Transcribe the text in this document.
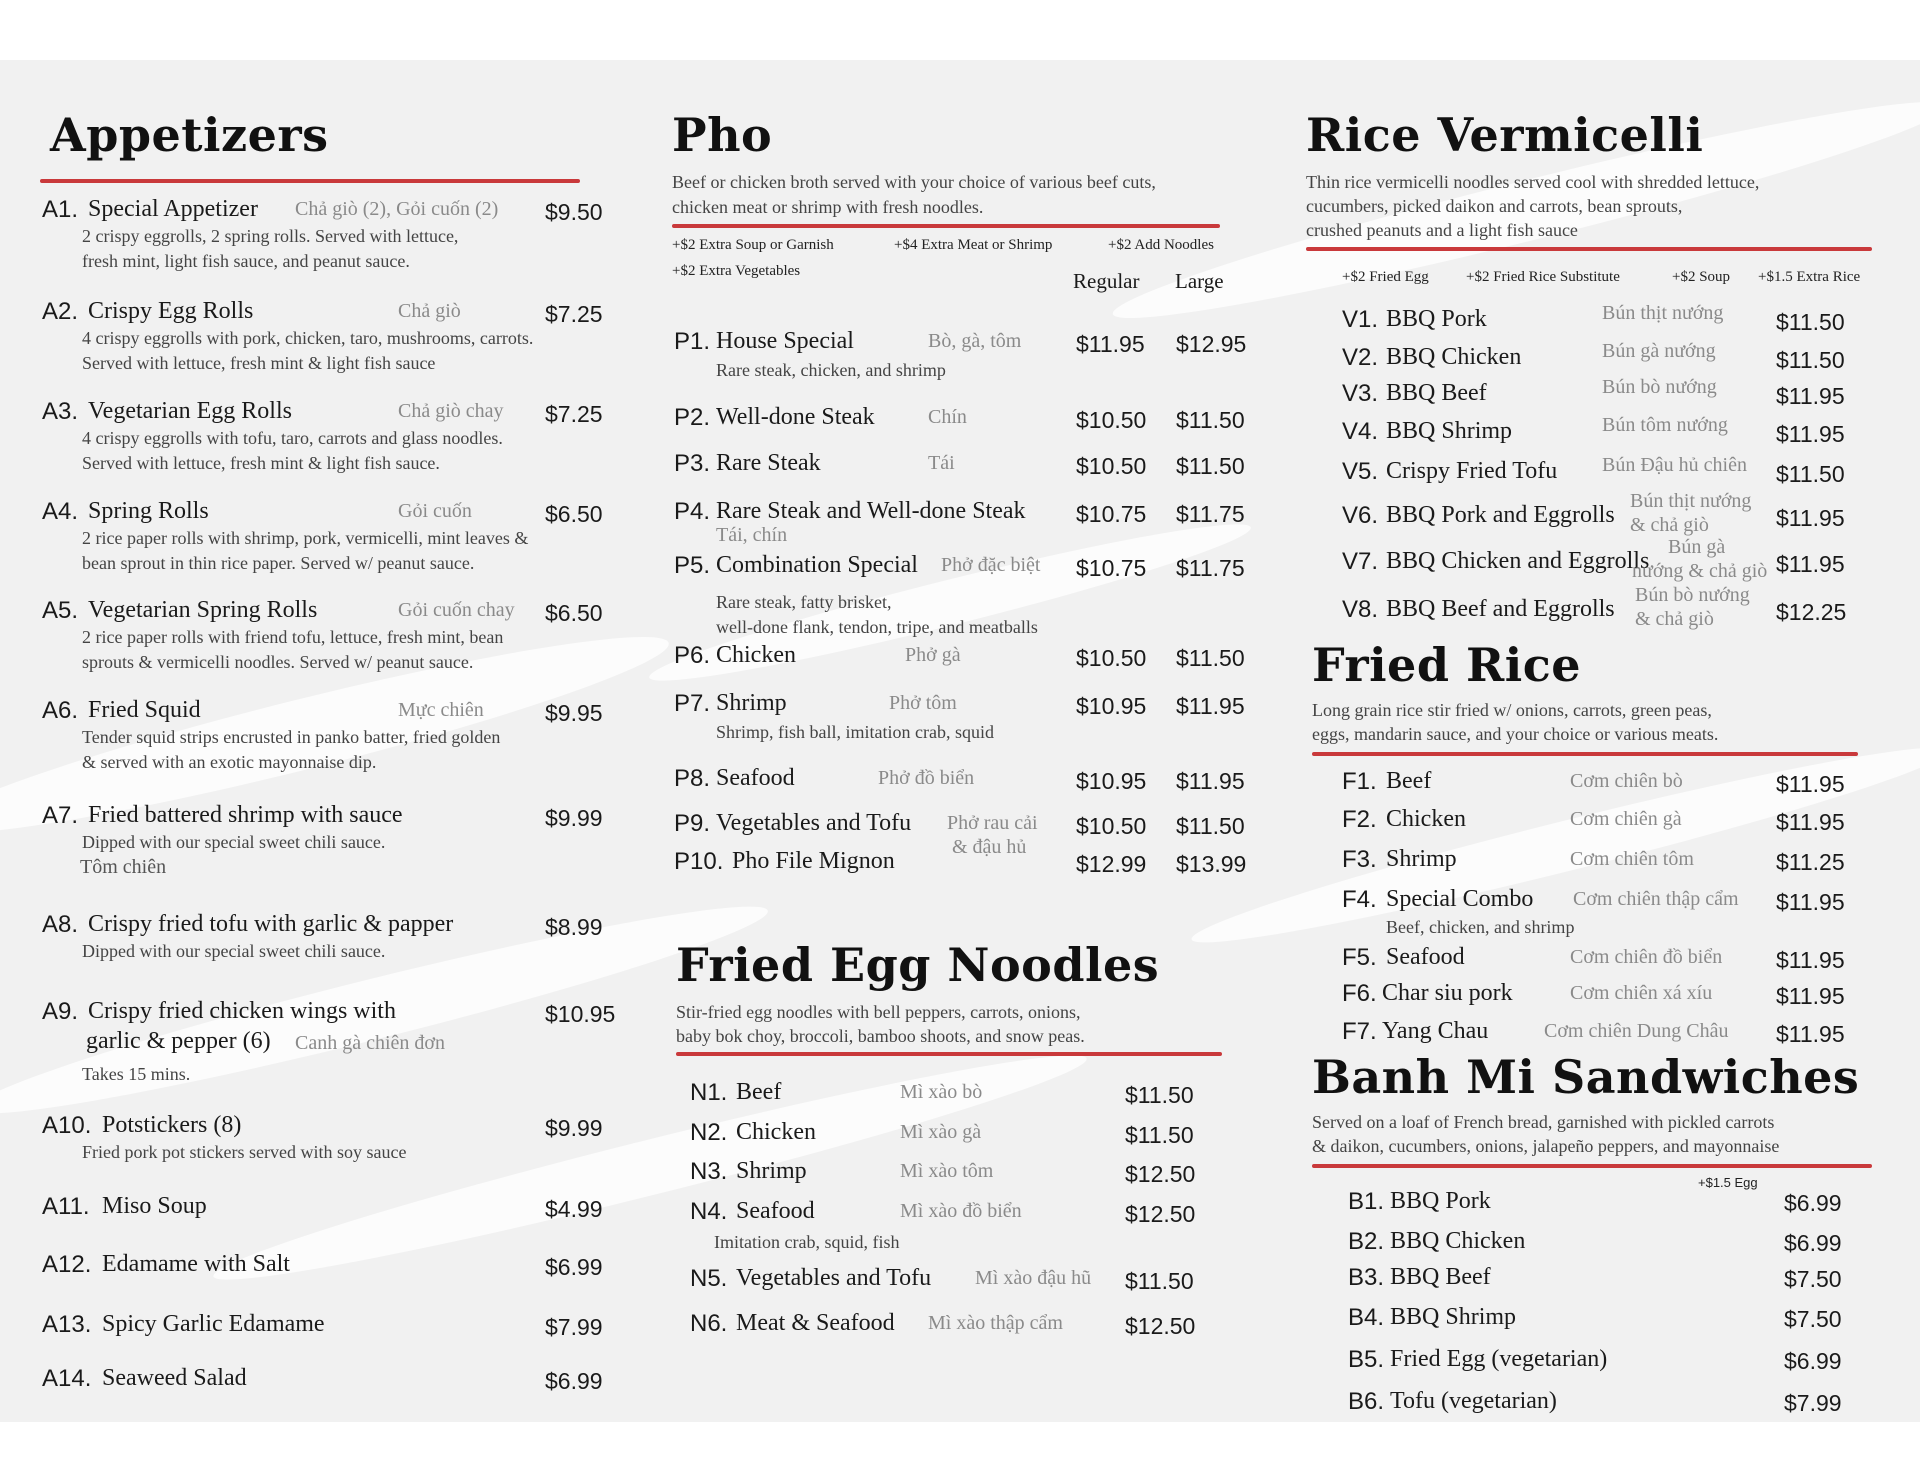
Appetizers
A1. Special Appetizer Chả giò (2), Gỏi cuốn (2) $9.50
2 crispy eggrolls, 2 spring rolls. Served with lettuce,
fresh mint, light fish sauce, and peanut sauce.
A2. Crispy Egg Rolls	Chả giò	$7.25
4 crispy eggrolls with pork, chicken, taro, mushrooms, carrots.
Served with lettuce, fresh mint & light fish sauce
A3. Vegetarian Egg Rolls	Chả giò chay $7.25
4 crispy eggrolls with tofu, taro, carrots and glass noodles.
Served with lettuce, fresh mint & light fish sauce.
A4. Spring Rolls	Gỏi cuốn	$6.50
2 rice paper rolls with shrimp, pork, vermicelli, mint leaves &
bean sprout in thin rice paper. Served w/ peanut sauce.
A5. Vegetarian Spring Rolls	Gỏi cuốn chay $6.50
2 rice paper rolls with friend tofu, lettuce, fresh mint, bean
sprouts & vermicelli noodles. Served w/ peanut sauce.
A6. Fried Squid	Mực chiên	$9.95
Tender squid strips encrusted in panko batter, fried golden
& served with an exotic mayonnaise dip.
A7. Fried battered shrimp with sauce	$9.99
Dipped with our special sweet chili sauce.
Tôm chiên
A8. Crispy fried tofu with garlic & papper	$8.99
Dipped with our special sweet chili sauce.
A9. Crispy fried chicken wings with
garlic & pepper (6) Canh gà chiên đơn
$10.95
Takes 15 mins.
A10. Potstickers (8)	$9.99
Fried pork pot stickers served with soy sauce
A11. Miso Soup	$4.99
A12. Edamame with Salt	$6.99
A13. Spicy Garlic Edamame	$7.99
A14. Seaweed Salad	$6.99
Pho
Beef or chicken broth served with your choice of various beef cuts,
chicken meat or shrimp with fresh noodles.
+$2 Extra Soup or Garnish	+$4 Extra Meat or Shrimp	+$2 Add Noodles
+$2 Extra Vegetables	Regular Large
P1. House Special	Bò, gà, tôm $11.95 $12.95
Rare steak, chicken, and shrimp
P2. Well-done Steak	Chín	$10.50 $11.50
P3. Rare Steak	Tái	$10.50 $11.50
P4. Rare Steak and Well-done Steak
Tái, chín
$10.75 $11.75
P5. Combination Special Phở đặc biệt $10.75 $11.75
Rare steak, fatty brisket,
well-done flank, tendon, tripe, and meatballs
P6. Chicken	Phở gà	$10.50 $11.50
P7. Shrimp	Phở tôm	$10.95 $11.95
Shrimp, fish ball, imitation crab, squid
P8. Seafood	Phở đồ biển	$10.95 $11.95
P9. Vegetables and Tofu Phở rau cải
& đậu hủ
$10.50 $11.50
P10. Pho File Mignon	$12.99 $13.99
Fried Egg Noodles
Stir-fried egg noodles with bell peppers, carrots, onions,
baby bok choy, broccoli, bamboo shoots, and snow peas.
N1. Beef	Mì xào bò	$11.50
N2. Chicken	Mì xào gà	$11.50
N3. Shrimp	Mì xào tôm	$12.50
N4. Seafood	Mì xào đồ biển	$12.50
Imitation crab, squid, fish
N5. Vegetables and Tofu Mì xào đậu hũ $11.50
N6. Meat & Seafood Mì xào thập cẩm	$12.50
Rice Vermicelli
Thin rice vermicelli noodles served cool with shredded lettuce,
cucumbers, picked daikon and carrots, bean sprouts,
crushed peanuts and a light fish sauce
+$2 Fried Egg +$2 Fried Rice Substitute	+$2 Soup +$1.5 Extra Rice
V1. BBQ Pork	Bún thịt nướng $11.50
V2. BBQ Chicken	Bún gà nướng	$11.50
V3. BBQ Beef	Bún bò nướng	$11.95
V4. BBQ Shrimp	Bún tôm nướng $11.95
V5. Crispy Fried Tofu Bún Đậu hủ chiên $11.50
V6. BBQ Pork and Eggrolls
Bún thịt nướng
& chả giò	$11.95
V7. BBQ Chicken and Eggrolls
Bún gà
nướng & chả giò $11.95
V8. BBQ Beef and Eggrolls
Bún bò nướng
& chả giò	$12.25
Fried Rice
Long grain rice stir fried w/ onions, carrots, green peas,
eggs, mandarin sauce, and your choice or various meats.
F1. Beef	Cơm chiên bò	$11.95
F2. Chicken	Cơm chiên gà	$11.95
F3. Shrimp	Cơm chiên tôm	$11.25
F4. Special Combo Cơm chiên thập cẩm $11.95
Beef, chicken, and shrimp
F5. Seafood	Cơm chiên đồ biển $11.95
F6. Char siu pork	Cơm chiên xá xíu	$11.95
F7. Yang Chau	Cơm chiên Dung Châu $11.95
Banh Mi Sandwiches
Served on a loaf of French bread, garnished with pickled carrots
& daikon, cucumbers, onions, jalapeño peppers, and mayonnaise
+$1.5 Egg
B1. BBQ Pork	$6.99
B2. BBQ Chicken	$6.99
B3. BBQ Beef	$7.50
B4. BBQ Shrimp	$7.50
B5. Fried Egg (vegetarian)	$6.99
B6. Tofu (vegetarian)	$7.99
